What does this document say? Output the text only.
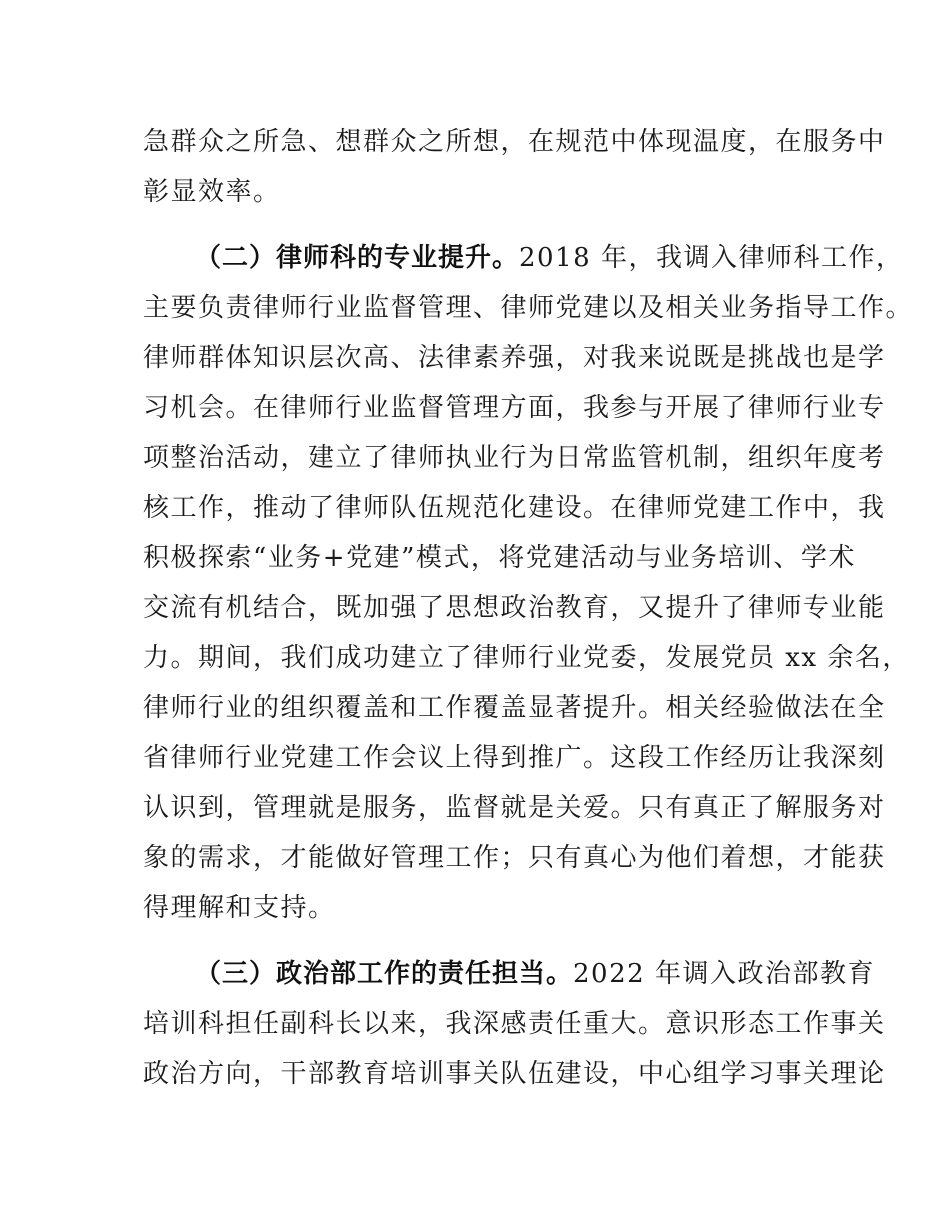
急群众之所急、想群众之所想，在规范中体现温度，在服务中
彰显效率。
（二）律师科的专业提升。2018 年，我调入律师科工作，
主要负责律师行业监督管理、律师党建以及相关业务指导工作。
律师群体知识层次高、法律素养强，对我来说既是挑战也是学
习机会。在律师行业监督管理方面，我参与开展了律师行业专
项整治活动，建立了律师执业行为日常监管机制，组织年度考
核工作，推动了律师队伍规范化建设。在律师党建工作中，我
积极探索“业务+党建”模式，将党建活动与业务培训、学术
交流有机结合，既加强了思想政治教育，又提升了律师专业能
力。期间，我们成功建立了律师行业党委，发展党员 xx 余名，
律师行业的组织覆盖和工作覆盖显著提升。相关经验做法在全
省律师行业党建工作会议上得到推广。这段工作经历让我深刻
认识到，管理就是服务，监督就是关爱。只有真正了解服务对
象的需求，才能做好管理工作；只有真心为他们着想，才能获
得理解和支持。
（三）政治部工作的责任担当。2022 年调入政治部教育
培训科担任副科长以来，我深感责任重大。意识形态工作事关
政治方向，干部教育培训事关队伍建设，中心组学习事关理论
